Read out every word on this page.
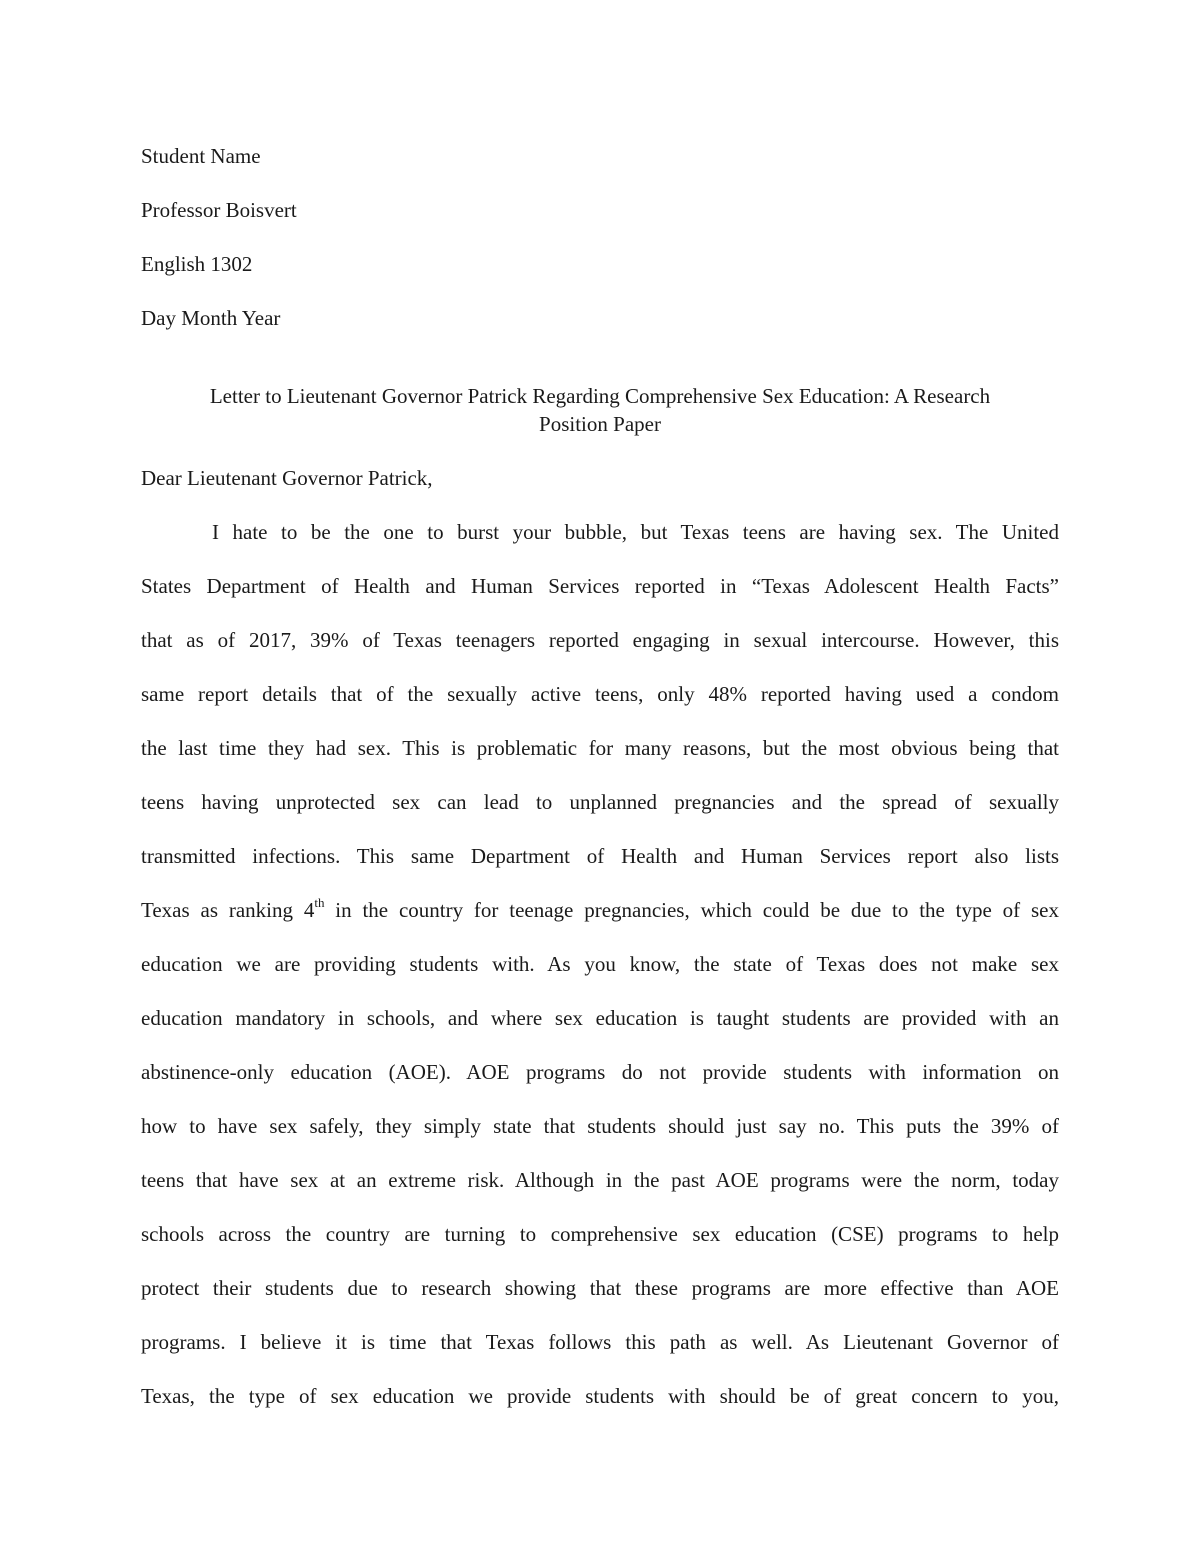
Student Name
Professor Boisvert
English 1302
Day Month Year
Letter to Lieutenant Governor Patrick Regarding Comprehensive Sex Education: A Research
Position Paper
Dear Lieutenant Governor Patrick,
I hate to be the one to burst your bubble, but Texas teens are having sex. The United
States Department of Health and Human Services reported in “Texas Adolescent Health Facts”
that as of 2017, 39% of Texas teenagers reported engaging in sexual intercourse. However, this
same report details that of the sexually active teens, only 48% reported having used a condom
the last time they had sex. This is problematic for many reasons, but the most obvious being that
teens having unprotected sex can lead to unplanned pregnancies and the spread of sexually
transmitted infections. This same Department of Health and Human Services report also lists
Texas as ranking 4th in the country for teenage pregnancies, which could be due to the type of sex
education we are providing students with. As you know, the state of Texas does not make sex
education mandatory in schools, and where sex education is taught students are provided with an
abstinence-only education (AOE). AOE programs do not provide students with information on
how to have sex safely, they simply state that students should just say no. This puts the 39% of
teens that have sex at an extreme risk. Although in the past AOE programs were the norm, today
schools across the country are turning to comprehensive sex education (CSE) programs to help
protect their students due to research showing that these programs are more effective than AOE
programs. I believe it is time that Texas follows this path as well. As Lieutenant Governor of
Texas, the type of sex education we provide students with should be of great concern to you,
